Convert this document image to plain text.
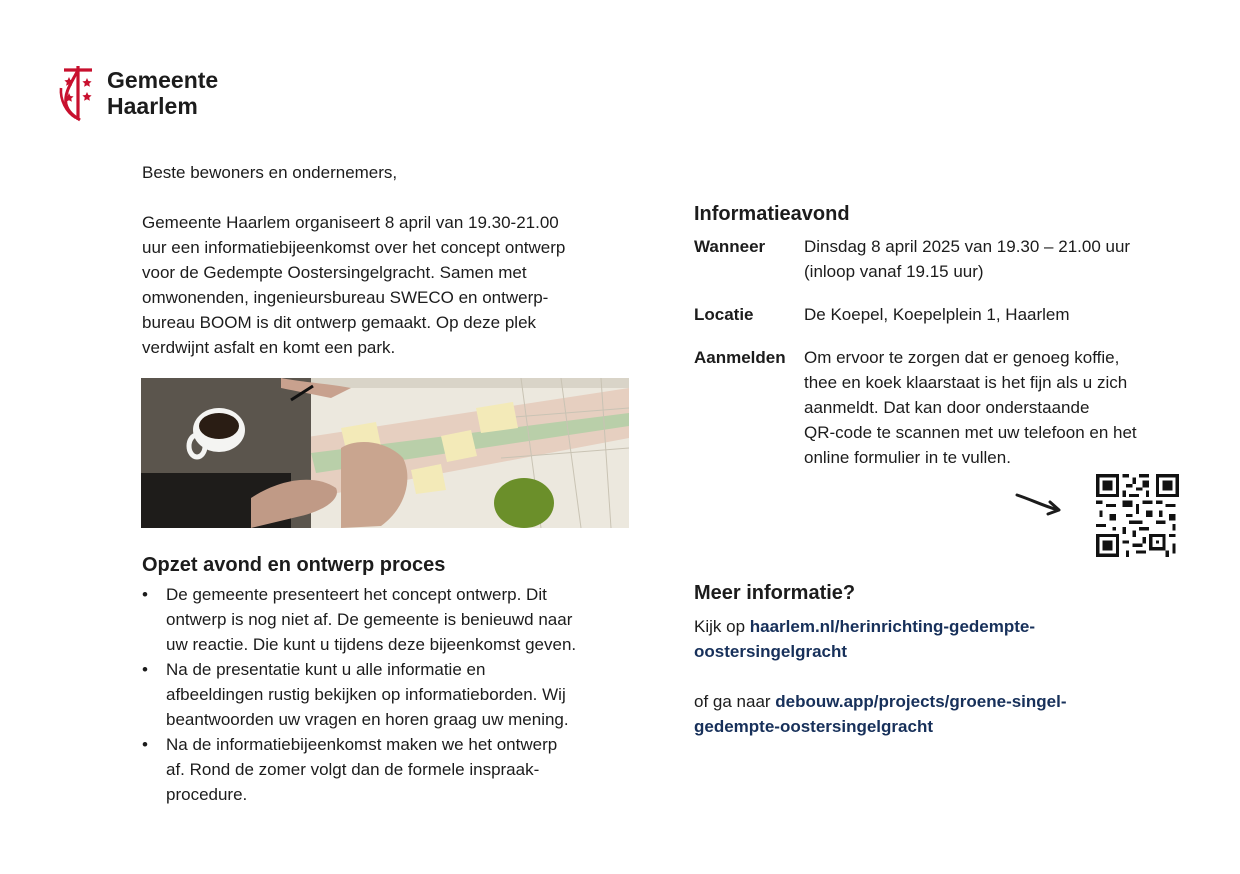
Gemeente
Haarlem

Beste bewoners en ondernemers,

Gemeente Haarlem organiseert 8 april van 19.30-21.00
uur een informatiebijeenkomst over het concept ontwerp
voor de Gedempte Oostersingelgracht. Samen met
omwonenden, ingenieursbureau SWECO en ontwerp-
bureau BOOM is dit ontwerp gemaakt. Op deze plek
verdwijnt asfalt en komt een park.

Opzet avond en ontwerp proces
• De gemeente presenteert het concept ontwerp. Dit
ontwerp is nog niet af. De gemeente is benieuwd naar
uw reactie. Die kunt u tijdens deze bijeenkomst geven.
• Na de presentatie kunt u alle informatie en
afbeeldingen rustig bekijken op informatieborden. Wij
beantwoorden uw vragen en horen graag uw mening.
• Na de informatiebijeenkomst maken we het ontwerp
af. Rond de zomer volgt dan de formele inspraak-
procedure.
Informatieavond
Wanneer	Dinsdag 8 april 2025 van 19.30 – 21.00 uur
(inloop vanaf 19.15 uur)
Locatie	De Koepel, Koepelplein 1, Haarlem
Aanmelden	Om ervoor te zorgen dat er genoeg koffie,
thee en koek klaarstaat is het fijn als u zich
aanmeldt. Dat kan door onderstaande
QR-code te scannen met uw telefoon en het
online formulier in te vullen.
Meer informatie?
Kijk op haarlem.nl/herinrichting-gedempte-
oostersingelgracht
of ga naar debouw.app/projects/groene-singel-
gedempte-oostersingelgracht
